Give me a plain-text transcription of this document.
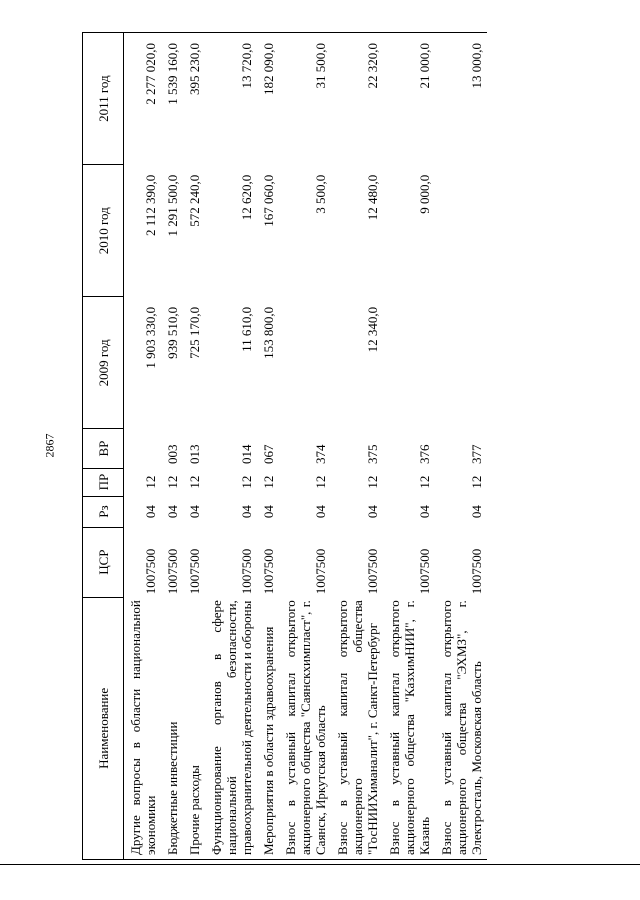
2867
Наименование	ЦСР	Рз	ПР	ВР	2009 год	2010 год	2011 год
Другие вопросы в области национальной экономики	1007500	04	12		1 903 330,0	2 112 390,0	2 277 020,0
Бюджетные инвестиции	1007500	04	12	003	939 510,0	1 291 500,0	1 539 160,0
Прочие расходы	1007500	04	12	013	725 170,0	572 240,0	395 230,0
Функционирование органов в сфере национальной безопасности, правоохранительной деятельности и обороны	1007500	04	12	014	11 610,0	12 620,0	13 720,0
Мероприятия в области здравоохранения	1007500	04	12	067	153 800,0	167 060,0	182 090,0
Взнос в уставный капитал открытого акционерного общества "Саянскхимпласт", г. Саянск, Иркутская область	1007500	04	12	374		3 500,0	31 500,0
Взнос в уставный капитал открытого акционерного общества "ГосНИИХиманалит", г. Санкт-Петербург	1007500	04	12	375	12 340,0	12 480,0	22 320,0
Взнос в уставный капитал открытого акционерного общества "КазхимНИИ", г. Казань	1007500	04	12	376		9 000,0	21 000,0
Взнос в уставный капитал открытого акционерного общества "ЭХМЗ", г. Электросталь, Московская область	1007500	04	12	377			13 000,0
